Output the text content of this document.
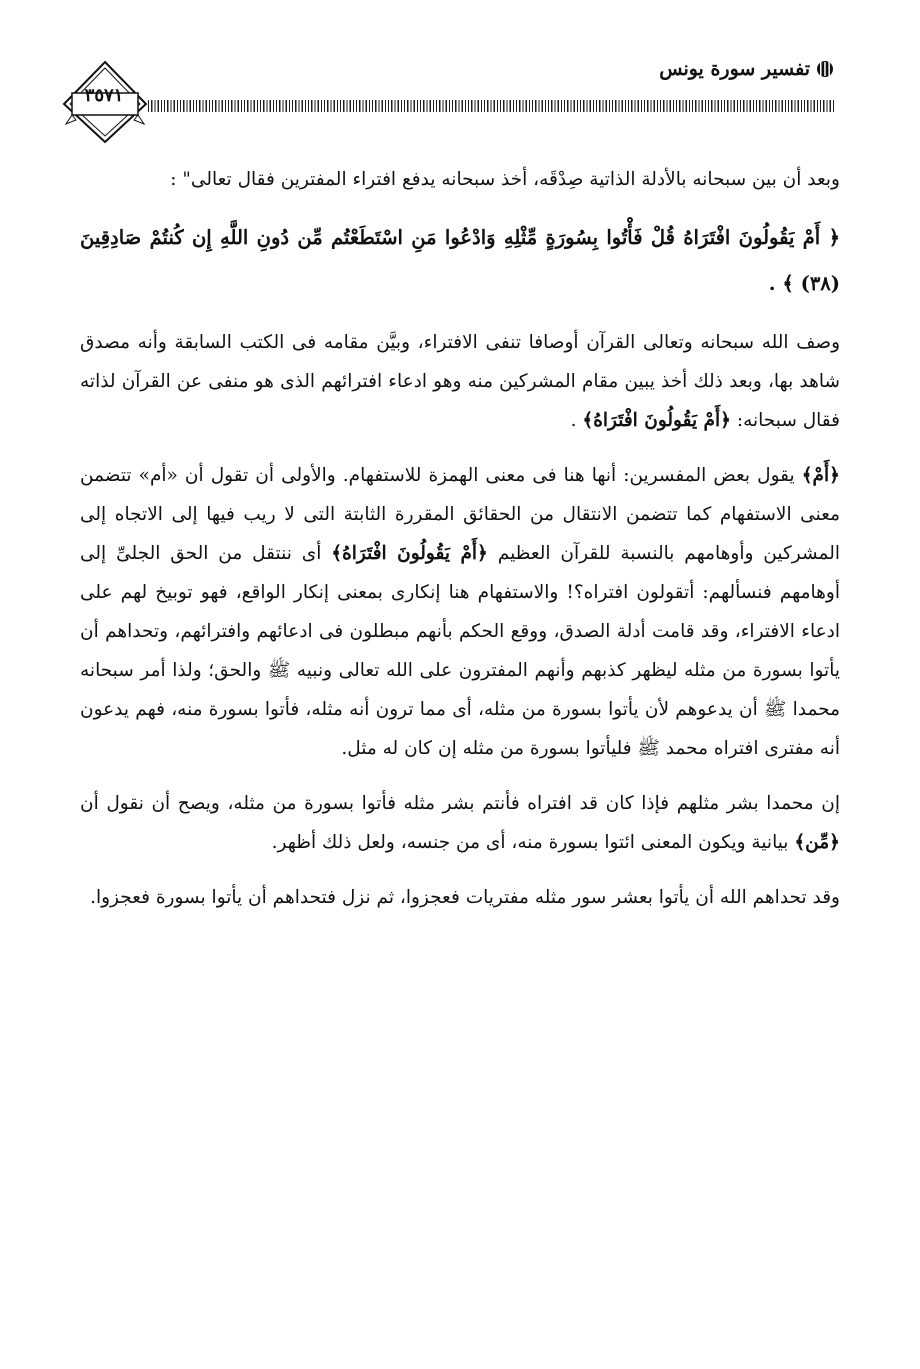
تفسير سورة يونس
٣٥٧١

وبعد أن بين سبحانه بالأدلة الذاتية صِدْقَه، أخذ سبحانه يدفع افتراء المفترين فقال تعالى" :

﴿ أَمْ يَقُولُونَ افْتَرَاهُ قُلْ فَأْتُوا بِسُورَةٍ مِّثْلِهِ وَادْعُوا مَنِ اسْتَطَعْتُم مِّن دُونِ اللَّهِ إِن كُنتُمْ صَادِقِينَ (٣٨) ﴾ .

وصف الله سبحانه وتعالى القرآن أوصافا تنفى الافتراء، وبيَّن مقامه فى الكتب السابقة وأنه مصدق شاهد بها، وبعد ذلك أخذ يبين مقام المشركين منه وهو ادعاء افترائهم الذى هو منفى عن القرآن لذاته فقال سبحانه: ﴿أَمْ يَقُولُونَ افْتَرَاهُ﴾ .

﴿أَمْ﴾ يقول بعض المفسرين: أنها هنا فى معنى الهمزة للاستفهام. والأولى أن تقول أن «أم» تتضمن معنى الاستفهام كما تتضمن الانتقال من الحقائق المقررة الثابتة التى لا ريب فيها إلى الاتجاه إلى المشركين وأوهامهم بالنسبة للقرآن العظيم ﴿أَمْ يَقُولُونَ افْتَرَاهُ﴾ أى ننتقل من الحق الجلىِّ إلى أوهامهم فنسألهم: أتقولون افتراه؟! والاستفهام هنا إنكارى بمعنى إنكار الواقع، فهو توبيخ لهم على ادعاء الافتراء، وقد قامت أدلة الصدق، ووقع الحكم بأنهم مبطلون فى ادعائهم وافترائهم، وتحداهم أن يأتوا بسورة من مثله ليظهر كذبهم وأنهم المفترون على الله تعالى ونبيه ﷺ والحق؛ ولذا أمر سبحانه محمدا ﷺ أن يدعوهم لأن يأتوا بسورة من مثله، أى مما ترون أنه مثله، فأتوا بسورة منه، فهم يدعون أنه مفترى افتراه محمد ﷺ فليأتوا بسورة من مثله إن كان له مثل.

إن محمدا بشر مثلهم فإذا كان قد افتراه فأنتم بشر مثله فأتوا بسورة من مثله، ويصح أن نقول أن ﴿مِّن﴾ بيانية ويكون المعنى ائتوا بسورة منه، أى من جنسه، ولعل ذلك أظهر.

وقد تحداهم الله أن يأتوا بعشر سور مثله مفتريات فعجزوا، ثم نزل فتحداهم أن يأتوا بسورة فعجزوا.
